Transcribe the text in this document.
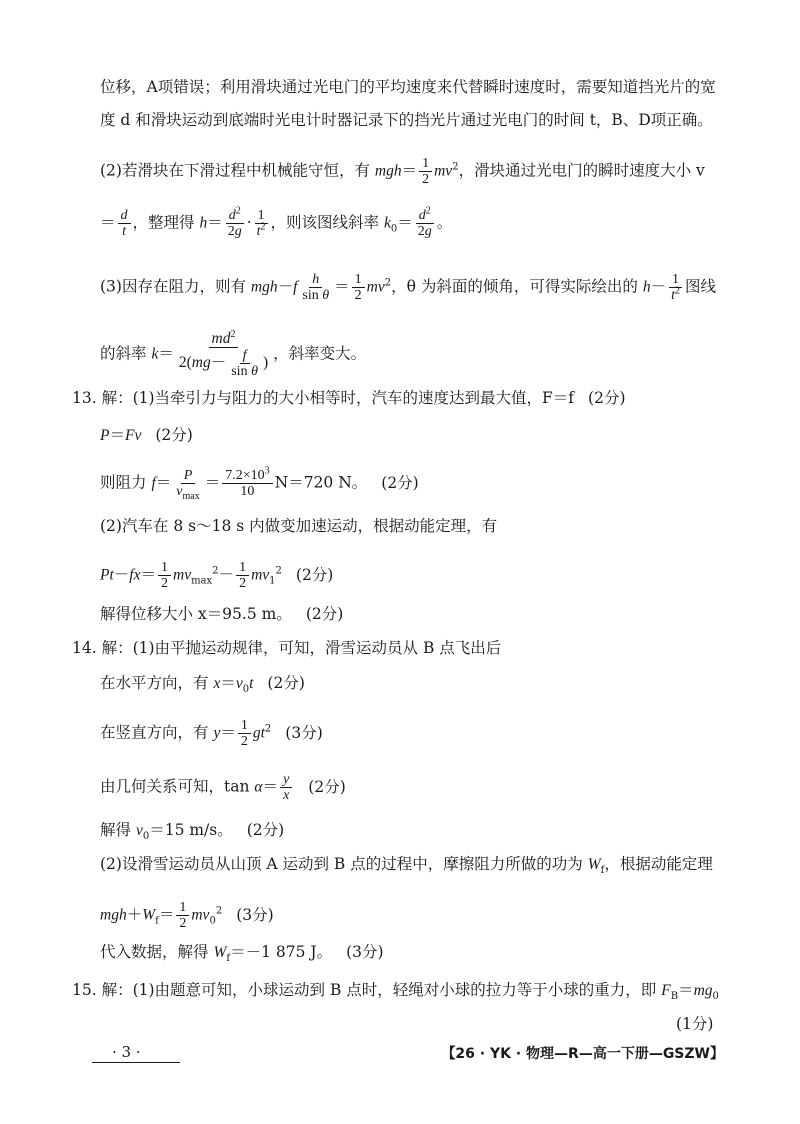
位移，A项错误；利用滑块通过光电门的平均速度来代替瞬时速度时，需要知道挡光片的宽
度 d 和滑块运动到底端时光电计时器记录下的挡光片通过光电门的时间 t，B、D项正确。
(2)若滑块在下滑过程中机械能守恒，有 $mgh= \frac{1}{2} mv^2$，滑块通过光电门的瞬时速度大小 v
＝ $\frac{d}{t}$ ，整理得 $h= \frac{d^2}{2g} \cdot \frac{1}{t^2}$ ，则该图线斜率 $k_0= \frac{d^2}{2g}$ 。
(3)因存在阻力，则有 $mgh-f \frac{h}{\text{sin θ}} = \frac{1}{2} mv^2$，θ 为斜面的倾角，可得实际绘出的 $h- \frac{1}{t^2}$ 图线
的斜率 $k= \frac{md^2}{2(mg- \frac{f}{\text{sin θ}} )}$ ，斜率变大。
13. 解：(1)当牵引力与阻力的大小相等时，汽车的速度达到最大值，F＝f (2分)
P＝Fv (2分)
则阻力 $f= \frac{P}{v_{max}} = \frac{7.2\times 10^3}{10} N=720$ N。 (2分)
(2)汽车在 8 s～18 s 内做变加速运动，根据动能定理，有
$Pt-fx= \frac{1}{2} mv_{max}^2- \frac{1}{2} mv_1^2$ (2分)
解得位移大小 x＝95.5 m。 (2分)
14. 解：(1)由平抛运动规律，可知，滑雪运动员从 B 点飞出后
在水平方向，有 $x=v_0t$ (2分)
在竖直方向，有 $y= \frac{1}{2} gt^2$ (3分)
由几何关系可知，$\tan \alpha= \frac{y}{x} (2$分)
解得 $v_0=15$ m/s。 (2分)
(2)设滑雪运动员从山顶 A 运动到 B 点的过程中，摩擦阻力所做的功为 $W_f$，根据动能定理
$mgh+W_f= \frac{1}{2} mv_0^2$ (3分)
代入数据，解得 $W_f=-1$ 875 J。 (3分)
15. 解：(1)由题意可知，小球运动到 B 点时，轻绳对小球的拉力等于小球的重力，即 $F_B=mg_0$
(1分)
· 3 ·	【26 · YK · 物理—R—高一下册—GSZW】
